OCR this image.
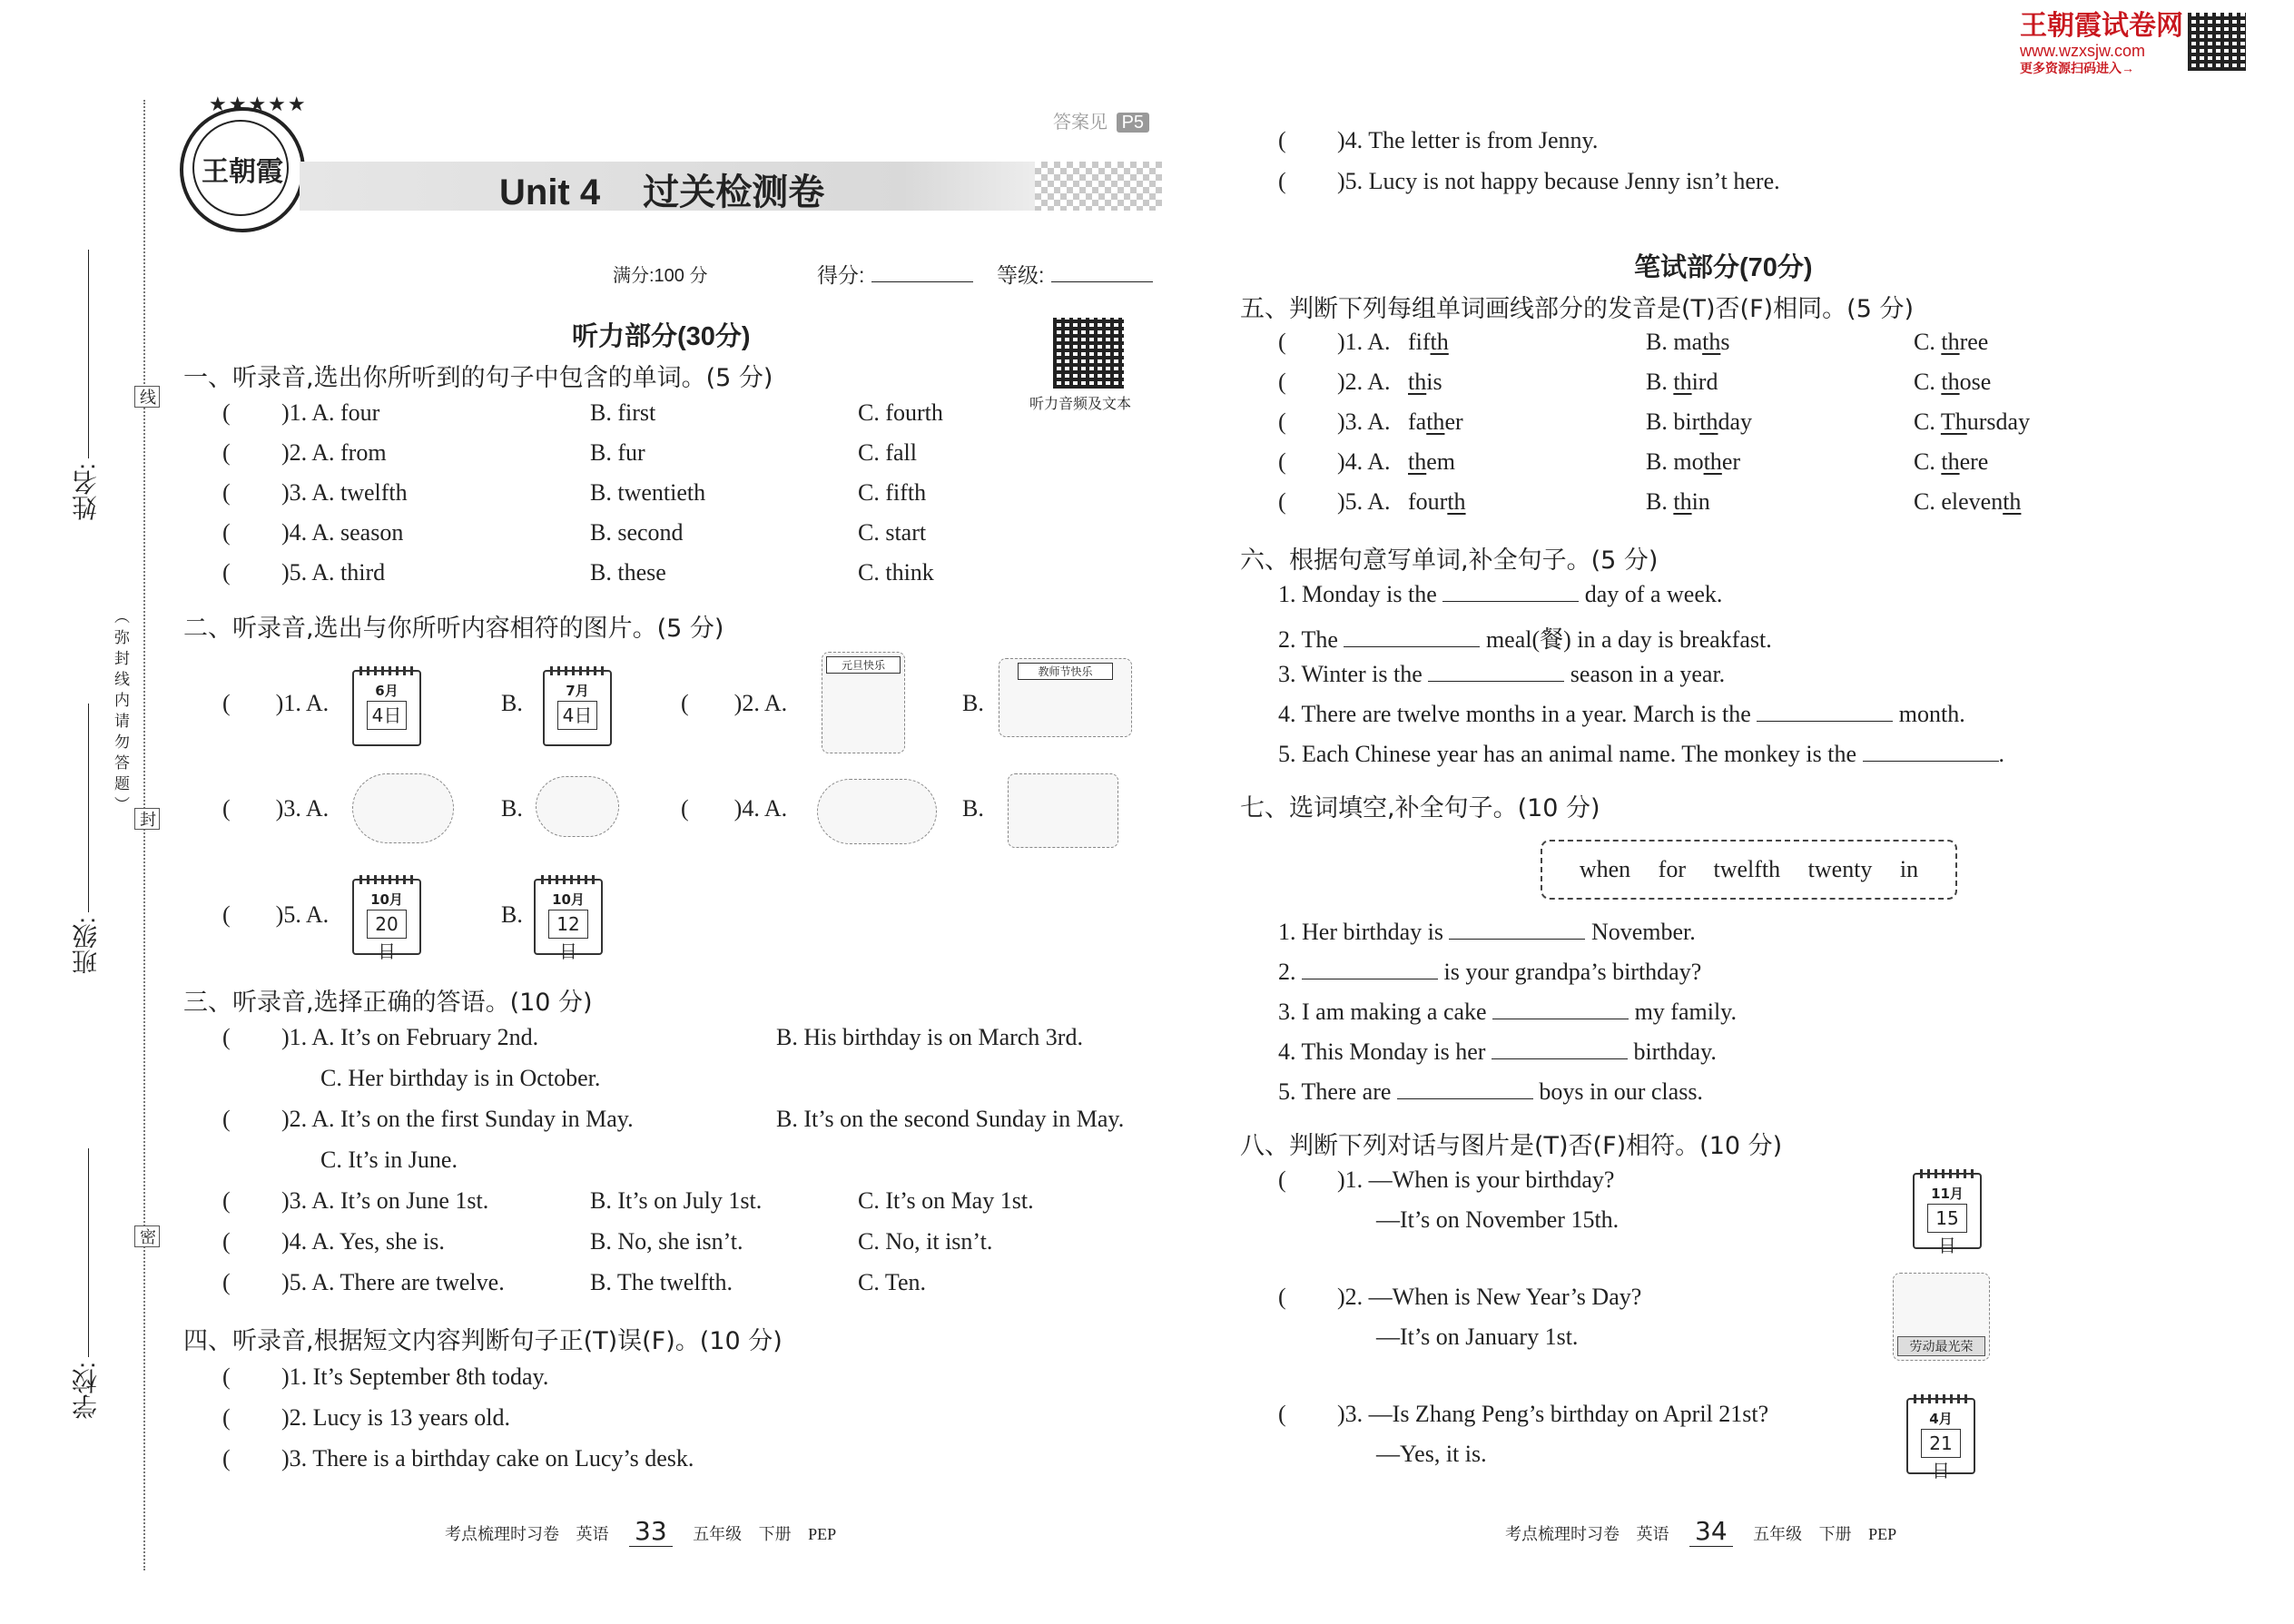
线
封
密
（弥封线内请勿答题）
姓名:
班级:
学校:
王朝霞试卷网
www.wzxsjw.com
更多资源扫码进入→
王朝霞
★★★★★
答案见 P5
Unit 4 过关检测卷
满分:100 分	得分:	等级:
听力音频及文本
听力部分(30分)
一、听录音,选出你所听到的句子中包含的单词。(5 分)
( )1. A. four	B. first	C. fourth
( )2. A. from	B. fur	C. fall
( )3. A. twelfth	B. twentieth	C. fifth
( )4. A. season	B. second	C. start
( )5. A. third	B. these	C. think
二、听录音,选出与你所听内容相符的图片。(5 分)
( )1. A.	6月
4日	B.	7月
4日	( )2. A.
元旦快乐
B.
教师节快乐
( )3. A.	B.	( )4. A.	B.
( )5. A.
10月
20日
B.
10月
12日
三、听录音,选择正确的答语。(10 分)
( )1. A. It’s on February 2nd.	B. His birthday is on March 3rd.
C. Her birthday is in October.
( )2. A. It’s on the first Sunday in May.	B. It’s on the second Sunday in May.
C. It’s in June.
( )3. A. It’s on June 1st.	B. It’s on July 1st.	C. It’s on May 1st.
( )4. A. Yes, she is.	B. No, she isn’t.	C. No, it isn’t.
( )5. A. There are twelve.	B. The twelfth.	C. Ten.
四、听录音,根据短文内容判断句子正(T)误(F)。(10 分)
( )1. It’s September 8th today.
( )2. Lucy is 13 years old.
( )3. There is a birthday cake on Lucy’s desk.
考点梳理时习卷 英语 33 五年级 下册 PEP
( )4. The letter is from Jenny.
( )5. Lucy is not happy because Jenny isn’t here.
笔试部分(70分)
五、判断下列每组单词画线部分的发音是(T)否(F)相同。(5 分)
( )1. A. fifth	B. maths	C. three
( )2. A. this	B. third	C. those
( )3. A. father	B. birthday	C. Thursday
( )4. A. them	B. mother	C. there
( )5. A. fourth	B. thin	C. eleventh
六、根据句意写单词,补全句子。(5 分)
1. Monday is the	day of a week.
2. The	meal(餐) in a day is breakfast.
3. Winter is the	season in a year.
4. There are twelve months in a year. March is the	month.
5. Each Chinese year has an animal name. The monkey is the	.
七、选词填空,补全句子。(10 分)
when for twelfth twenty in
1. Her birthday is	November.
2.	is your grandpa’s birthday?
3. I am making a cake	my family.
4. This Monday is her	birthday.
5. There are	boys in our class.
八、判断下列对话与图片是(T)否(F)相符。(10 分)
( )1. —When is your birthday?
—It’s on November 15th.
11月
15日
( )2. —When is New Year’s Day?
—It’s on January 1st.	劳动最光荣
( )3. —Is Zhang Peng’s birthday on April 21st?
—Yes, it is.
4月
21日
考点梳理时习卷 英语 34 五年级 下册 PEP
